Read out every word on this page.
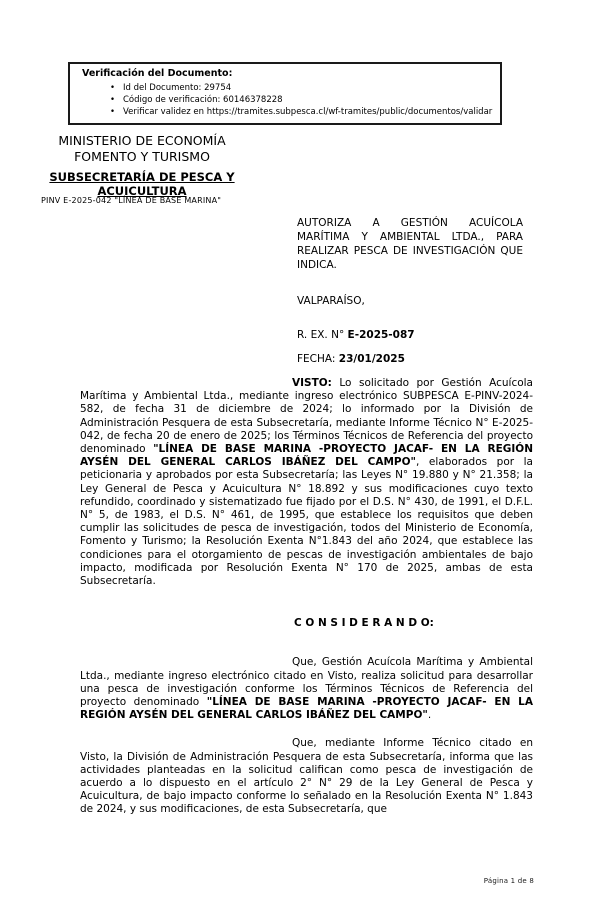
Verificación del Documento:
• Id del Documento: 29754
• Código de verificación: 60146378228
• Verificar validez en https://tramites.subpesca.cl/wf-tramites/public/documentos/validar
MINISTERIO DE ECONOMÍA
FOMENTO Y TURISMO
SUBSECRETARÍA DE PESCA Y ACUICULTURA
PINV E-2025-042 "LÍNEA DE BASE MARINA"
AUTORIZA A GESTIÓN ACUÍCOLA MARÍTIMA Y AMBIENTAL LTDA., PARA REALIZAR PESCA DE INVESTIGACIÓN QUE INDICA.
VALPARAÍSO,
R. EX. N° E-2025-087
FECHA: 23/01/2025

VISTO: Lo solicitado por Gestión Acuícola Marítima y Ambiental Ltda., mediante ingreso electrónico SUBPESCA E-PINV-2024-582, de fecha 31 de diciembre de 2024; lo informado por la División de Administración Pesquera de esta Subsecretaría, mediante Informe Técnico N° E-2025-042, de fecha 20 de enero de 2025; los Términos Técnicos de Referencia del proyecto denominado "LÍNEA DE BASE MARINA -PROYECTO JACAF- EN LA REGIÓN AYSÉN DEL GENERAL CARLOS IBÁÑEZ DEL CAMPO", elaborados por la peticionaria y aprobados por esta Subsecretaría; las Leyes N° 19.880 y N° 21.358; la Ley General de Pesca y Acuicultura N° 18.892 y sus modificaciones cuyo texto refundido, coordinado y sistematizado fue fijado por el D.S. N° 430, de 1991, el D.F.L. N° 5, de 1983, el D.S. N° 461, de 1995, que establece los requisitos que deben cumplir las solicitudes de pesca de investigación, todos del Ministerio de Economía, Fomento y Turismo; la Resolución Exenta N°1.843 del año 2024, que establece las condiciones para el otorgamiento de pescas de investigación ambientales de bajo impacto, modificada por Resolución Exenta N° 170 de 2025, ambas de esta Subsecretaría.

C O N S I D E R A N D O:

Que, Gestión Acuícola Marítima y Ambiental Ltda., mediante ingreso electrónico citado en Visto, realiza solicitud para desarrollar una pesca de investigación conforme los Términos Técnicos de Referencia del proyecto denominado "LÍNEA DE BASE MARINA -PROYECTO JACAF- EN LA REGIÓN AYSÉN DEL GENERAL CARLOS IBÁÑEZ DEL CAMPO".

Que, mediante Informe Técnico citado en Visto, la División de Administración Pesquera de esta Subsecretaría, informa que las actividades planteadas en la solicitud califican como pesca de investigación de acuerdo a lo dispuesto en el artículo 2° N° 29 de la Ley General de Pesca y Acuicultura, de bajo impacto conforme lo señalado en la Resolución Exenta N° 1.843 de 2024, y sus modificaciones, de esta Subsecretaría, que

Página 1 de 8
